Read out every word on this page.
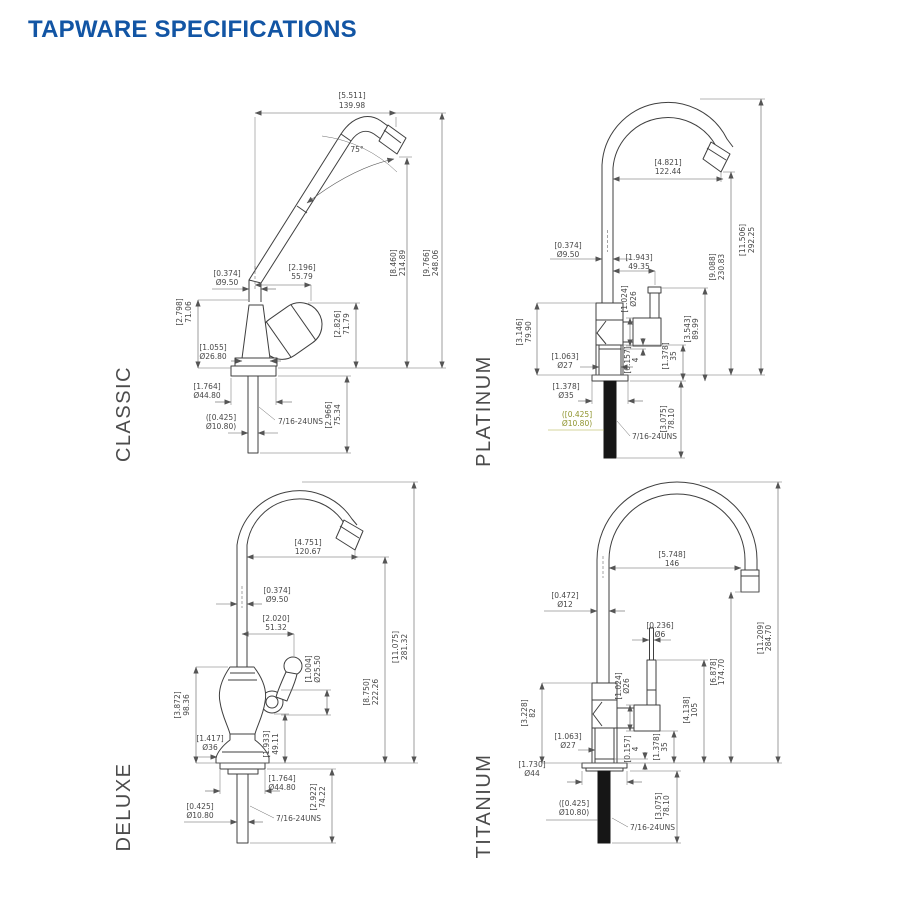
TAPWARE SPECIFICATIONS
CLASSIC
[5.511]
139.98
75°
[8.460] 214.89 [9.766] 248.06
[0.374]
Ø9.50
[2.196]
55.79
[2.798] 71.06
[1.055]
Ø26.80
[2.826] 71.79
[1.764]
Ø44.80
([0.425]
Ø10.80)
7/16-24UNS [2.966] 75.34	PLATINUM
[4.821]
122.44
[0.374]
Ø9.50	[1.943]
49.35
[11.506] 292.25
[9.088] 230.83
[1.024] Ø26
[3.146] 79.90
[1.063]
Ø27	[0.157] 4	[1.378] 35
[3.543] 89.99
[1.378]
Ø35
([0.425]
Ø10.80)
7/16-24UNS
[3.075] 78.10
DELUXE
[4.751]
120.67
[0.374]
Ø9.50
[2.020]
51.32
[1.004] Ø25.50
[11.075] 281.32
[8.750] 222.26
[3.872] 98.36
[1.417]
Ø36	[1.933] 49.11
[1.764]
Ø44.80
[0.425]
Ø10.80	7/16-24UNS
[2.922] 74.22	TITANIUM
[5.748]
146
[11.209] 284.70
[0.472]
Ø12
[0.236]
Ø6
[6.878] 174.70
[4.138] 105
[1.024] Ø26
[3.228] 82
[1.063]
Ø27	[0.157] 4 [1.378] 35
[1.730]
Ø44
([0.425]
Ø10.80)
7/16-24UNS
[3.075] 78.10
